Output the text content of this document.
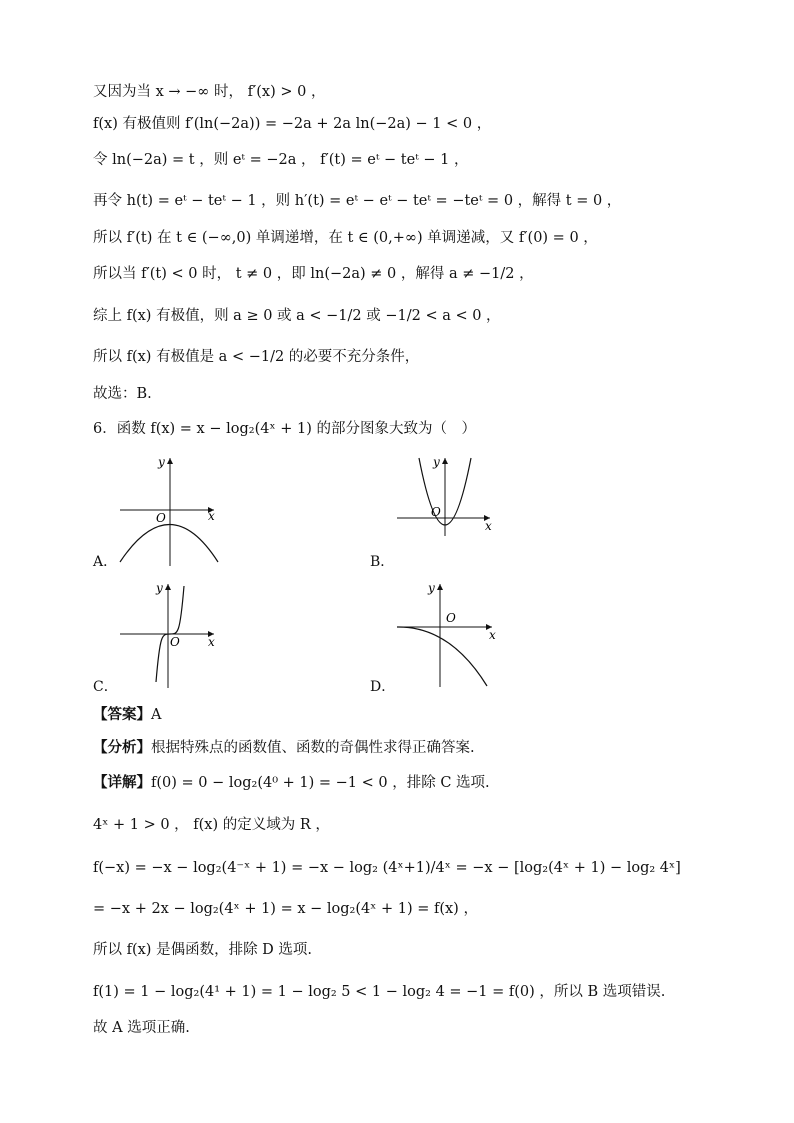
又因为当 x → −∞ 时， f′(x) > 0 ，
f(x) 有极值则 f′(ln(−2a)) = −2a + 2a ln(−2a) − 1 < 0 ，
令 ln(−2a) = t ，则 eᵗ = −2a ， f′(t) = eᵗ − teᵗ − 1 ，
再令 h(t) = eᵗ − teᵗ − 1 ，则 h′(t) = eᵗ − eᵗ − teᵗ = −teᵗ = 0 ，解得 t = 0 ，
所以 f′(t) 在 t ∈ (−∞,0) 单调递增，在 t ∈ (0,+∞) 单调递减，又 f′(0) = 0 ，
所以当 f′(t) < 0 时， t ≠ 0 ，即 ln(−2a) ≠ 0 ，解得 a ≠ −1/2 ，
综上 f(x) 有极值，则 a ≥ 0 或 a < −1/2 或 −1/2 < a < 0 ，
所以 f(x) 有极值是 a < −1/2 的必要不充分条件，
故选：B.
6．函数 f(x) = x − log₂(4ˣ + 1) 的部分图象大致为（　）
x
y
O
A．
x
y
O
B．
x
y
O
C．
x
y
O
D．
【答案】A
【分析】根据特殊点的函数值、函数的奇偶性求得正确答案.
【详解】f(0) = 0 − log₂(4⁰ + 1) = −1 < 0 ，排除 C 选项.
4ˣ + 1 > 0 ， f(x) 的定义域为 R ，
f(−x) = −x − log₂(4⁻ˣ + 1) = −x − log₂ (4ˣ+1)/4ˣ = −x − [log₂(4ˣ + 1) − log₂ 4ˣ]
= −x + 2x − log₂(4ˣ + 1) = x − log₂(4ˣ + 1) = f(x) ，
所以 f(x) 是偶函数，排除 D 选项.
f(1) = 1 − log₂(4¹ + 1) = 1 − log₂ 5 < 1 − log₂ 4 = −1 = f(0) ，所以 B 选项错误.
故 A 选项正确.
